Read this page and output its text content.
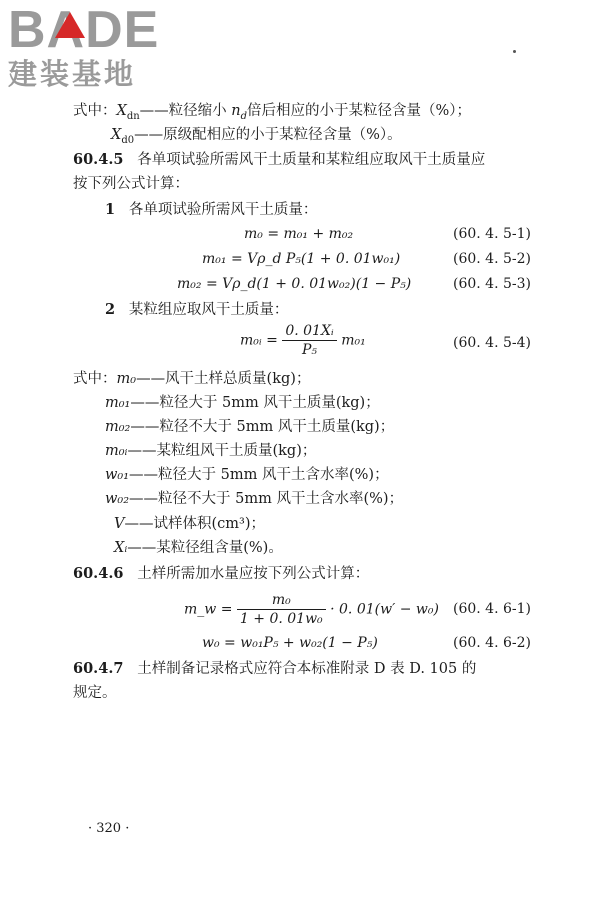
BADE
建装基地
式中：$X_{dn}——$粒径缩小 $n_d$倍后相应的小于某粒径含量（%）；
$X_{d0}——$原级配相应的小于某粒径含量（%）。
60.4.5 各单项试验所需风干土质量和某粒组应取风干土质量应
按下列公式计算：
1 各单项试验所需风干土质量：
m₀ = m₀₁ + m₀₂	(60. 4. 5-1)
m₀₁ = Vρ_d P₅(1 + 0. 01w₀₁)	(60. 4. 5-2)
m₀₂ = Vρ_d(1 + 0. 01w₀₂)(1 − P₅)	(60. 4. 5-3)
2 某粒组应取风干土质量：
m₀ᵢ = $\frac{\text{0. 01Xᵢ}}{\text{P₅}} m_{01}$	(60. 4. 5-4)
式中：m₀——风干土样总质量(kg)；
m₀₁——粒径大于 5mm 风干土质量(kg)；
m₀₂——粒径不大于 5mm 风干土质量(kg)；
m₀ᵢ——某粒组风干土质量(kg)；
w₀₁——粒径大于 5mm 风干土含水率(%)；
w₀₂——粒径不大于 5mm 风干土含水率(%)；
V——试样体积(cm³)；
Xᵢ——某粒径组含量(%)。
60.4.6 土样所需加水量应按下列公式计算：
m_w = $\frac{\text{m₀}}{\text{1 + 0. 01w₀}} \cdot 0$. 01(w′ − w₀) (60. 4. 6-1)
w₀ = w₀₁P₅ + w₀₂(1 − P₅)	(60. 4. 6-2)
60.4.7 土样制备记录格式应符合本标准附录 D 表 D. 105 的
规定。
· 320 ·
